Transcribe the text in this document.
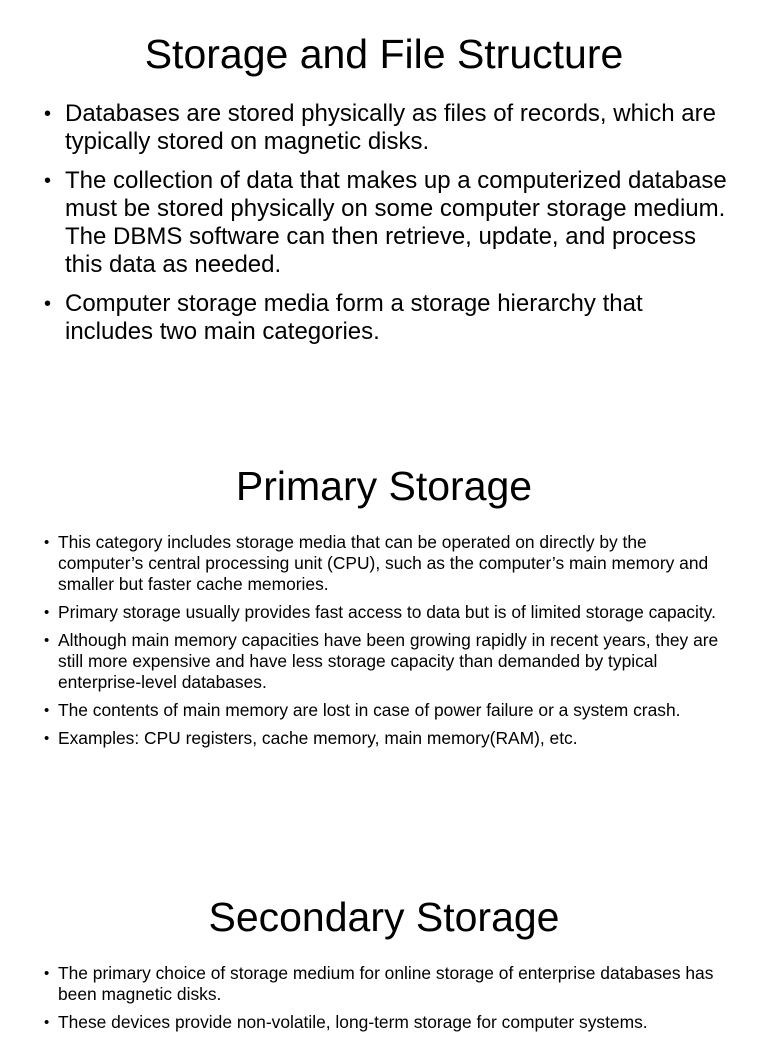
Storage and File Structure
• Databases are stored physically as files of records, which are typically stored on magnetic disks.
• The collection of data that makes up a computerized database must be stored physically on some computer storage medium. The DBMS software can then retrieve, update, and process this data as needed.
• Computer storage media form a storage hierarchy that includes two main categories.
Primary Storage
• This category includes storage media that can be operated on directly by the computer’s central processing unit (CPU), such as the computer’s main memory and smaller but faster cache memories.
• Primary storage usually provides fast access to data but is of limited storage capacity.
• Although main memory capacities have been growing rapidly in recent years, they are still more expensive and have less storage capacity than demanded by typical enterprise-level databases.
• The contents of main memory are lost in case of power failure or a system crash.
• Examples: CPU registers, cache memory, main memory(RAM), etc.
Secondary Storage
• The primary choice of storage medium for online storage of enterprise databases has been magnetic disks.
• These devices provide non-volatile, long-term storage for computer systems.
